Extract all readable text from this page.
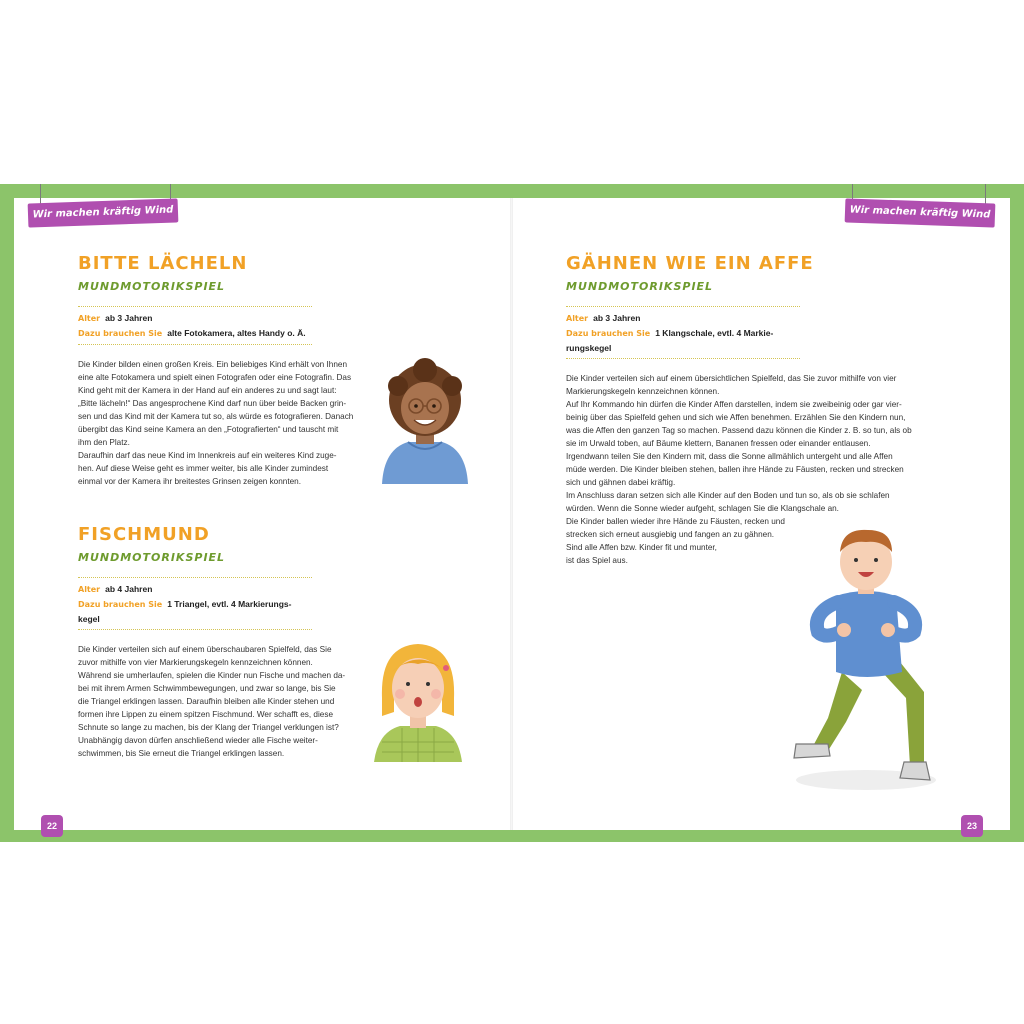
Wir machen kräftig Wind	Wir machen kräftig Wind
BITTE LÄCHELN
MUNDMOTORIKSPIEL
Alter ab 3 Jahren
Dazu brauchen Sie alte Fotokamera, altes Handy o. Ä.

Die Kinder bilden einen großen Kreis. Ein beliebiges Kind erhält von Ihnen

eine alte Fotokamera und spielt einen Fotografen oder eine Fotografin. Das

Kind geht mit der Kamera in der Hand auf ein anderes zu und sagt laut:

„Bitte lächeln!“ Das angesprochene Kind darf nun über beide Backen grin-

sen und das Kind mit der Kamera tut so, als würde es fotografieren. Danach

übergibt das Kind seine Kamera an den „Fotografierten“ und tauscht mit

ihm den Platz.

Daraufhin darf das neue Kind im Innenkreis auf ein weiteres Kind zuge-

hen. Auf diese Weise geht es immer weiter, bis alle Kinder zumindest

einmal vor der Kamera ihr breitestes Grinsen zeigen konnten.

FISCHMUND
MUNDMOTORIKSPIEL
Alter ab 4 Jahren
Dazu brauchen Sie 1 Triangel, evtl. 4 Markierungs-
kegel

Die Kinder verteilen sich auf einem überschaubaren Spielfeld, das Sie

zuvor mithilfe von vier Markierungskegeln kennzeichnen können.

Während sie umherlaufen, spielen die Kinder nun Fische und machen da-

bei mit ihrem Armen Schwimmbewegungen, und zwar so lange, bis Sie

die Triangel erklingen lassen. Daraufhin bleiben alle Kinder stehen und

formen ihre Lippen zu einem spitzen Fischmund. Wer schafft es, diese

Schnute so lange zu machen, bis der Klang der Triangel verklungen ist?

Unabhängig davon dürfen anschließend wieder alle Fische weiter-

schwimmen, bis Sie erneut die Triangel erklingen lassen.

GÄHNEN WIE EIN AFFE
MUNDMOTORIKSPIEL
Alter ab 3 Jahren
Dazu brauchen Sie 1 Klangschale, evtl. 4 Markie-
rungskegel

Die Kinder verteilen sich auf einem übersichtlichen Spielfeld, das Sie zuvor mithilfe von vier

Markierungskegeln kennzeichnen können.

Auf Ihr Kommando hin dürfen die Kinder Affen darstellen, indem sie zweibeinig oder gar vier-

beinig über das Spielfeld gehen und sich wie Affen benehmen. Erzählen Sie den Kindern nun,

was die Affen den ganzen Tag so machen. Passend dazu können die Kinder z. B. so tun, als ob

sie im Urwald toben, auf Bäume klettern, Bananen fressen oder einander entlausen.

Irgendwann teilen Sie den Kindern mit, dass die Sonne allmählich untergeht und alle Affen

müde werden. Die Kinder bleiben stehen, ballen ihre Hände zu Fäusten, recken und strecken

sich und gähnen dabei kräftig.

Im Anschluss daran setzen sich alle Kinder auf den Boden und tun so, als ob sie schlafen

würden. Wenn die Sonne wieder aufgeht, schlagen Sie die Klangschale an.

Die Kinder ballen wieder ihre Hände zu Fäusten, recken und

strecken sich erneut ausgiebig und fangen an zu gähnen.

Sind alle Affen bzw. Kinder fit und munter,

ist das Spiel aus.

22	23
